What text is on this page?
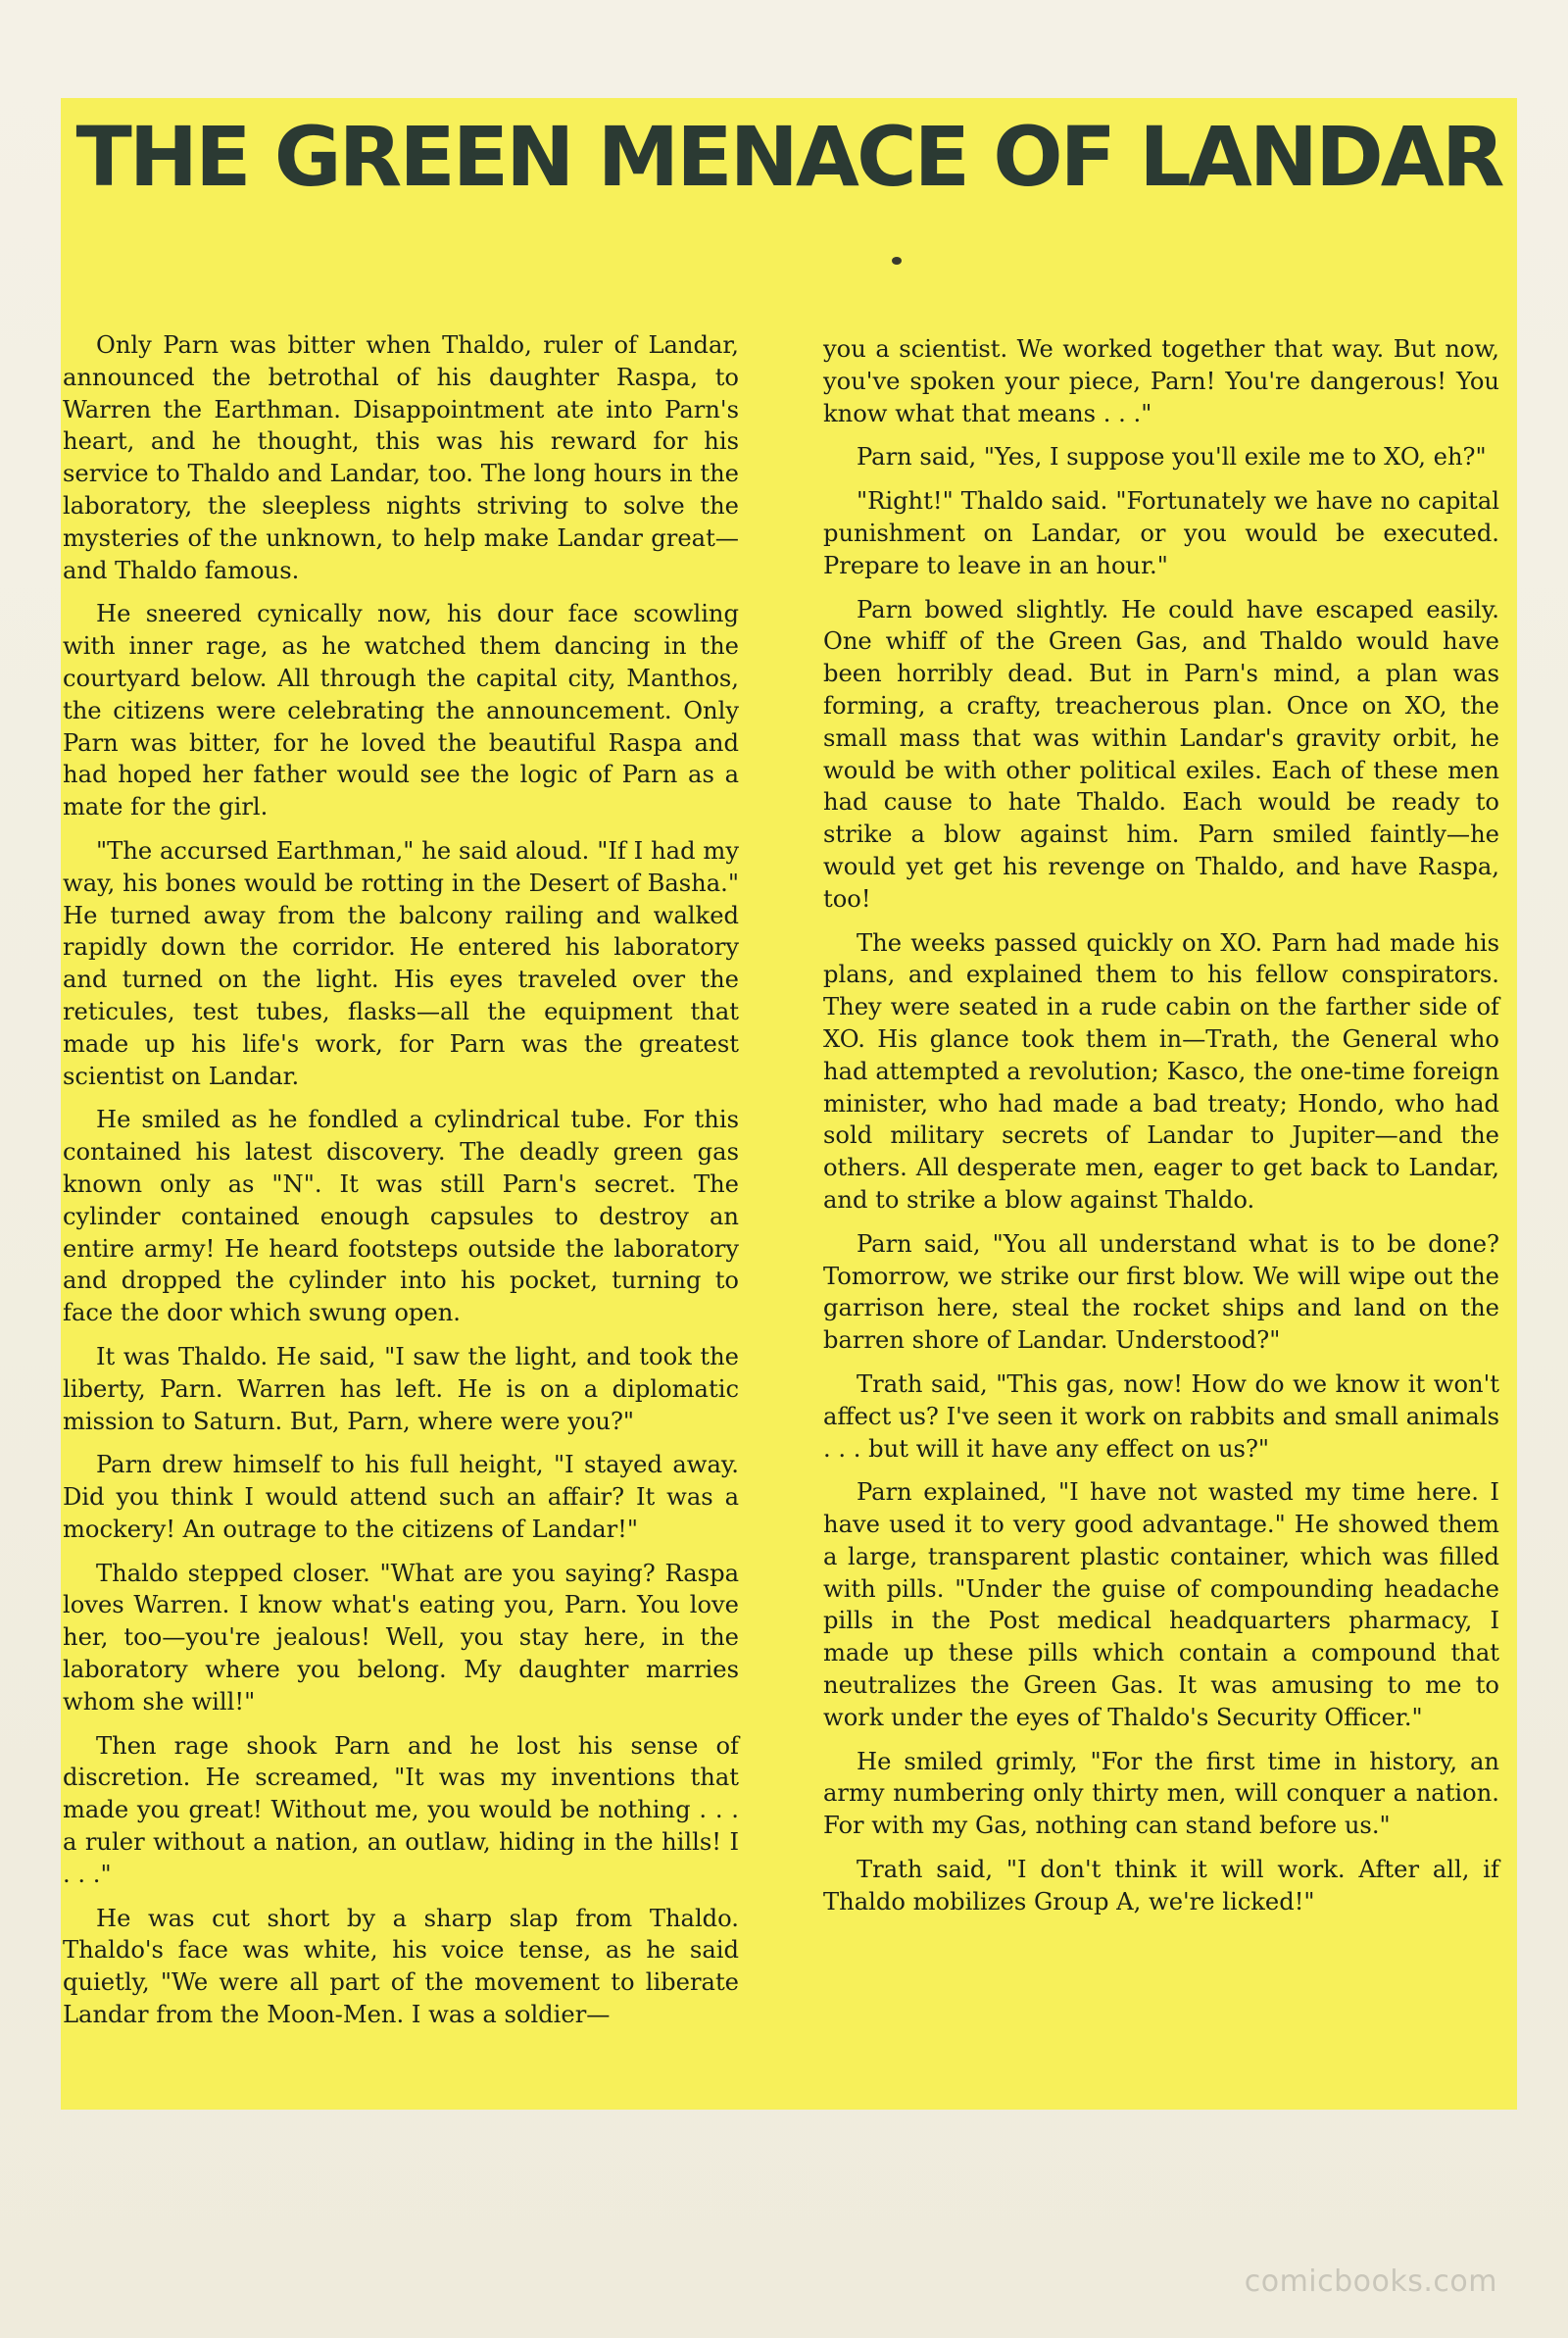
THE GREEN MENACE OF LANDAR

Only Parn was bitter when Thaldo, ruler of Landar, announced the betrothal of his daughter Raspa, to Warren the Earthman. Disappointment ate into Parn's heart, and he thought, this was his reward for his service to Thaldo and Landar, too. The long hours in the laboratory, the sleepless nights striving to solve the mysteries of the unknown, to help make Landar great—and Thaldo famous.

He sneered cynically now, his dour face scowling with inner rage, as he watched them dancing in the courtyard below. All through the capital city, Manthos, the citizens were celebrating the announcement. Only Parn was bitter, for he loved the beautiful Raspa and had hoped her father would see the logic of Parn as a mate for the girl.

"The accursed Earthman," he said aloud. "If I had my way, his bones would be rotting in the Desert of Basha." He turned away from the balcony railing and walked rapidly down the corridor. He entered his laboratory and turned on the light. His eyes traveled over the reticules, test tubes, flasks—all the equipment that made up his life's work, for Parn was the greatest scientist on Landar.

He smiled as he fondled a cylindrical tube. For this contained his latest discovery. The deadly green gas known only as "N". It was still Parn's secret. The cylinder contained enough capsules to destroy an entire army! He heard footsteps outside the laboratory and dropped the cylinder into his pocket, turning to face the door which swung open.

It was Thaldo. He said, "I saw the light, and took the liberty, Parn. Warren has left. He is on a diplomatic mission to Saturn. But, Parn, where were you?"

Parn drew himself to his full height, "I stayed away. Did you think I would attend such an affair? It was a mockery! An outrage to the citizens of Landar!"

Thaldo stepped closer. "What are you saying? Raspa loves Warren. I know what's eating you, Parn. You love her, too—you're jealous! Well, you stay here, in the laboratory where you belong. My daughter marries whom she will!"

Then rage shook Parn and he lost his sense of discretion. He screamed, "It was my inventions that made you great! Without me, you would be nothing . . . a ruler without a nation, an outlaw, hiding in the hills! I . . ."

He was cut short by a sharp slap from Thaldo. Thaldo's face was white, his voice tense, as he said quietly, "We were all part of the movement to liberate Landar from the Moon-Men. I was a soldier—

you a scientist. We worked together that way. But now, you've spoken your piece, Parn! You're dangerous! You know what that means . . ."

Parn said, "Yes, I suppose you'll exile me to XO, eh?"

"Right!" Thaldo said. "Fortunately we have no capital punishment on Landar, or you would be executed. Prepare to leave in an hour."

Parn bowed slightly. He could have escaped easily. One whiff of the Green Gas, and Thaldo would have been horribly dead. But in Parn's mind, a plan was forming, a crafty, treacherous plan. Once on XO, the small mass that was within Landar's gravity orbit, he would be with other political exiles. Each of these men had cause to hate Thaldo. Each would be ready to strike a blow against him. Parn smiled faintly—he would yet get his revenge on Thaldo, and have Raspa, too!

The weeks passed quickly on XO. Parn had made his plans, and explained them to his fellow conspirators. They were seated in a rude cabin on the farther side of XO. His glance took them in—Trath, the General who had attempted a revolution; Kasco, the one-time foreign minister, who had made a bad treaty; Hondo, who had sold military secrets of Landar to Jupiter—and the others. All desperate men, eager to get back to Landar, and to strike a blow against Thaldo.

Parn said, "You all understand what is to be done? Tomorrow, we strike our first blow. We will wipe out the garrison here, steal the rocket ships and land on the barren shore of Landar. Understood?"

Trath said, "This gas, now! How do we know it won't affect us? I've seen it work on rabbits and small animals . . . but will it have any effect on us?"

Parn explained, "I have not wasted my time here. I have used it to very good advantage." He showed them a large, transparent plastic container, which was filled with pills. "Under the guise of compounding headache pills in the Post medical headquarters pharmacy, I made up these pills which contain a compound that neutralizes the Green Gas. It was amusing to me to work under the eyes of Thaldo's Security Officer."

He smiled grimly, "For the first time in history, an army numbering only thirty men, will conquer a nation. For with my Gas, nothing can stand before us."

Trath said, "I don't think it will work. After all, if Thaldo mobilizes Group A, we're licked!"

comicbooks.com
